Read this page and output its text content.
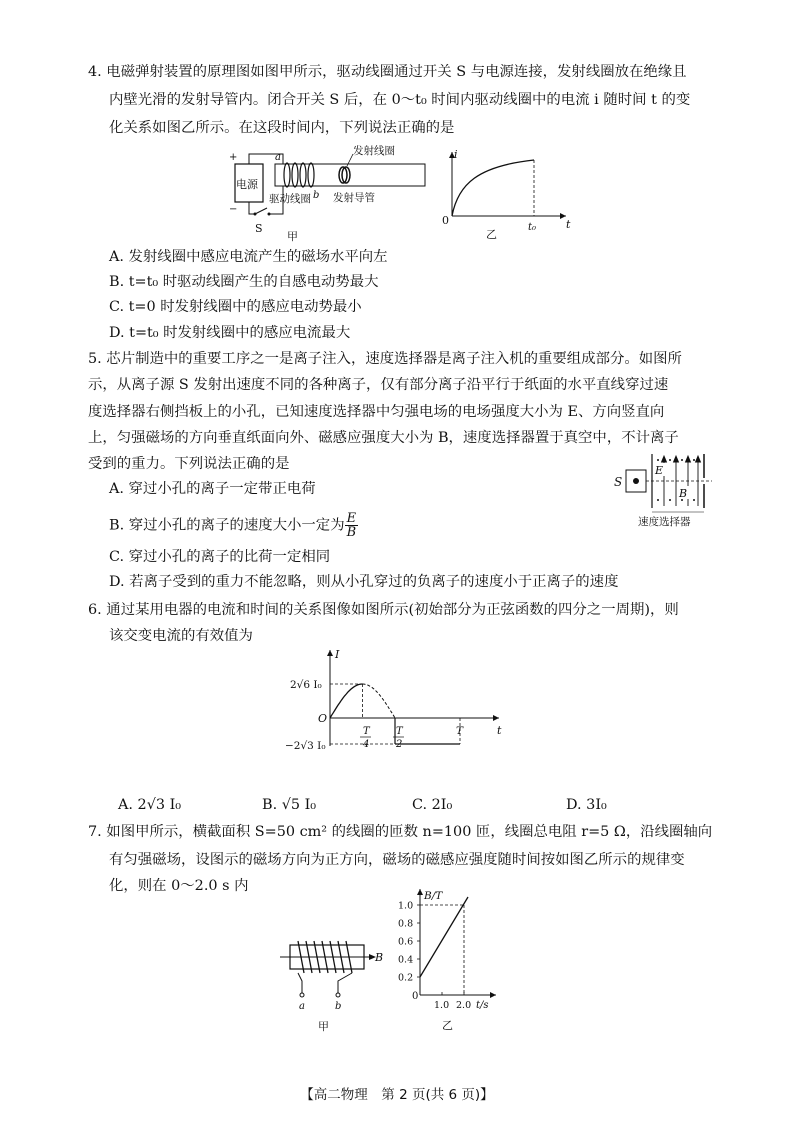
4. 电磁弹射装置的原理图如图甲所示，驱动线圈通过开关 S 与电源连接，发射线圈放在绝缘且
内壁光滑的发射导管内。闭合开关 S 后，在 0～t₀ 时间内驱动线圈中的电流 i 随时间 t 的变
化关系如图乙所示。在这段时间内，下列说法正确的是
电源
+
−
S
a
b
发射线圈
驱动线圈 发射导管
甲
i
t
0
t₀
乙
A. 发射线圈中感应电流产生的磁场水平向左
B. t=t₀ 时驱动线圈产生的自感电动势最大
C. t=0 时发射线圈中的感应电动势最小
D. t=t₀ 时发射线圈中的感应电流最大
5. 芯片制造中的重要工序之一是离子注入，速度选择器是离子注入机的重要组成部分。如图所
示，从离子源 S 发射出速度不同的各种离子，仅有部分离子沿平行于纸面的水平直线穿过速
度选择器右侧挡板上的小孔，已知速度选择器中匀强电场的电场强度大小为 E、方向竖直向
上，匀强磁场的方向垂直纸面向外、磁感应强度大小为 B，速度选择器置于真空中，不计离子
受到的重力。下列说法正确的是
A. 穿过小孔的离子一定带正电荷
B. 穿过小孔的离子的速度大小一定为 $\frac{E}{B}$
C. 穿过小孔的离子的比荷一定相同
D. 若离子受到的重力不能忽略，则从小孔穿过的负离子的速度小于正离子的速度
S
E
B
速度选择器
6. 通过某用电器的电流和时间的关系图像如图所示(初始部分为正弦函数的四分之一周期)，则
该交变电流的有效值为
I
t
O
2√6 I₀
−2√3 I₀
T
4
T
2
T
A. 2√3 I₀	B. √5 I₀	C. 2I₀	D. 3I₀
7. 如图甲所示，横截面积 S=50 cm² 的线圈的匝数 n=100 匝，线圈总电阻 r=5 Ω，沿线圈轴向
有匀强磁场，设图示的磁场方向为正方向，磁场的磁感应强度随时间按如图乙所示的规律变
化，则在 0～2.0 s 内
B
a	b
甲
1.0
0.8
0.6
0.4
0.2
1.0 2.0
B/T
t/s
0
乙
【高二物理　第 2 页(共 6 页)】
